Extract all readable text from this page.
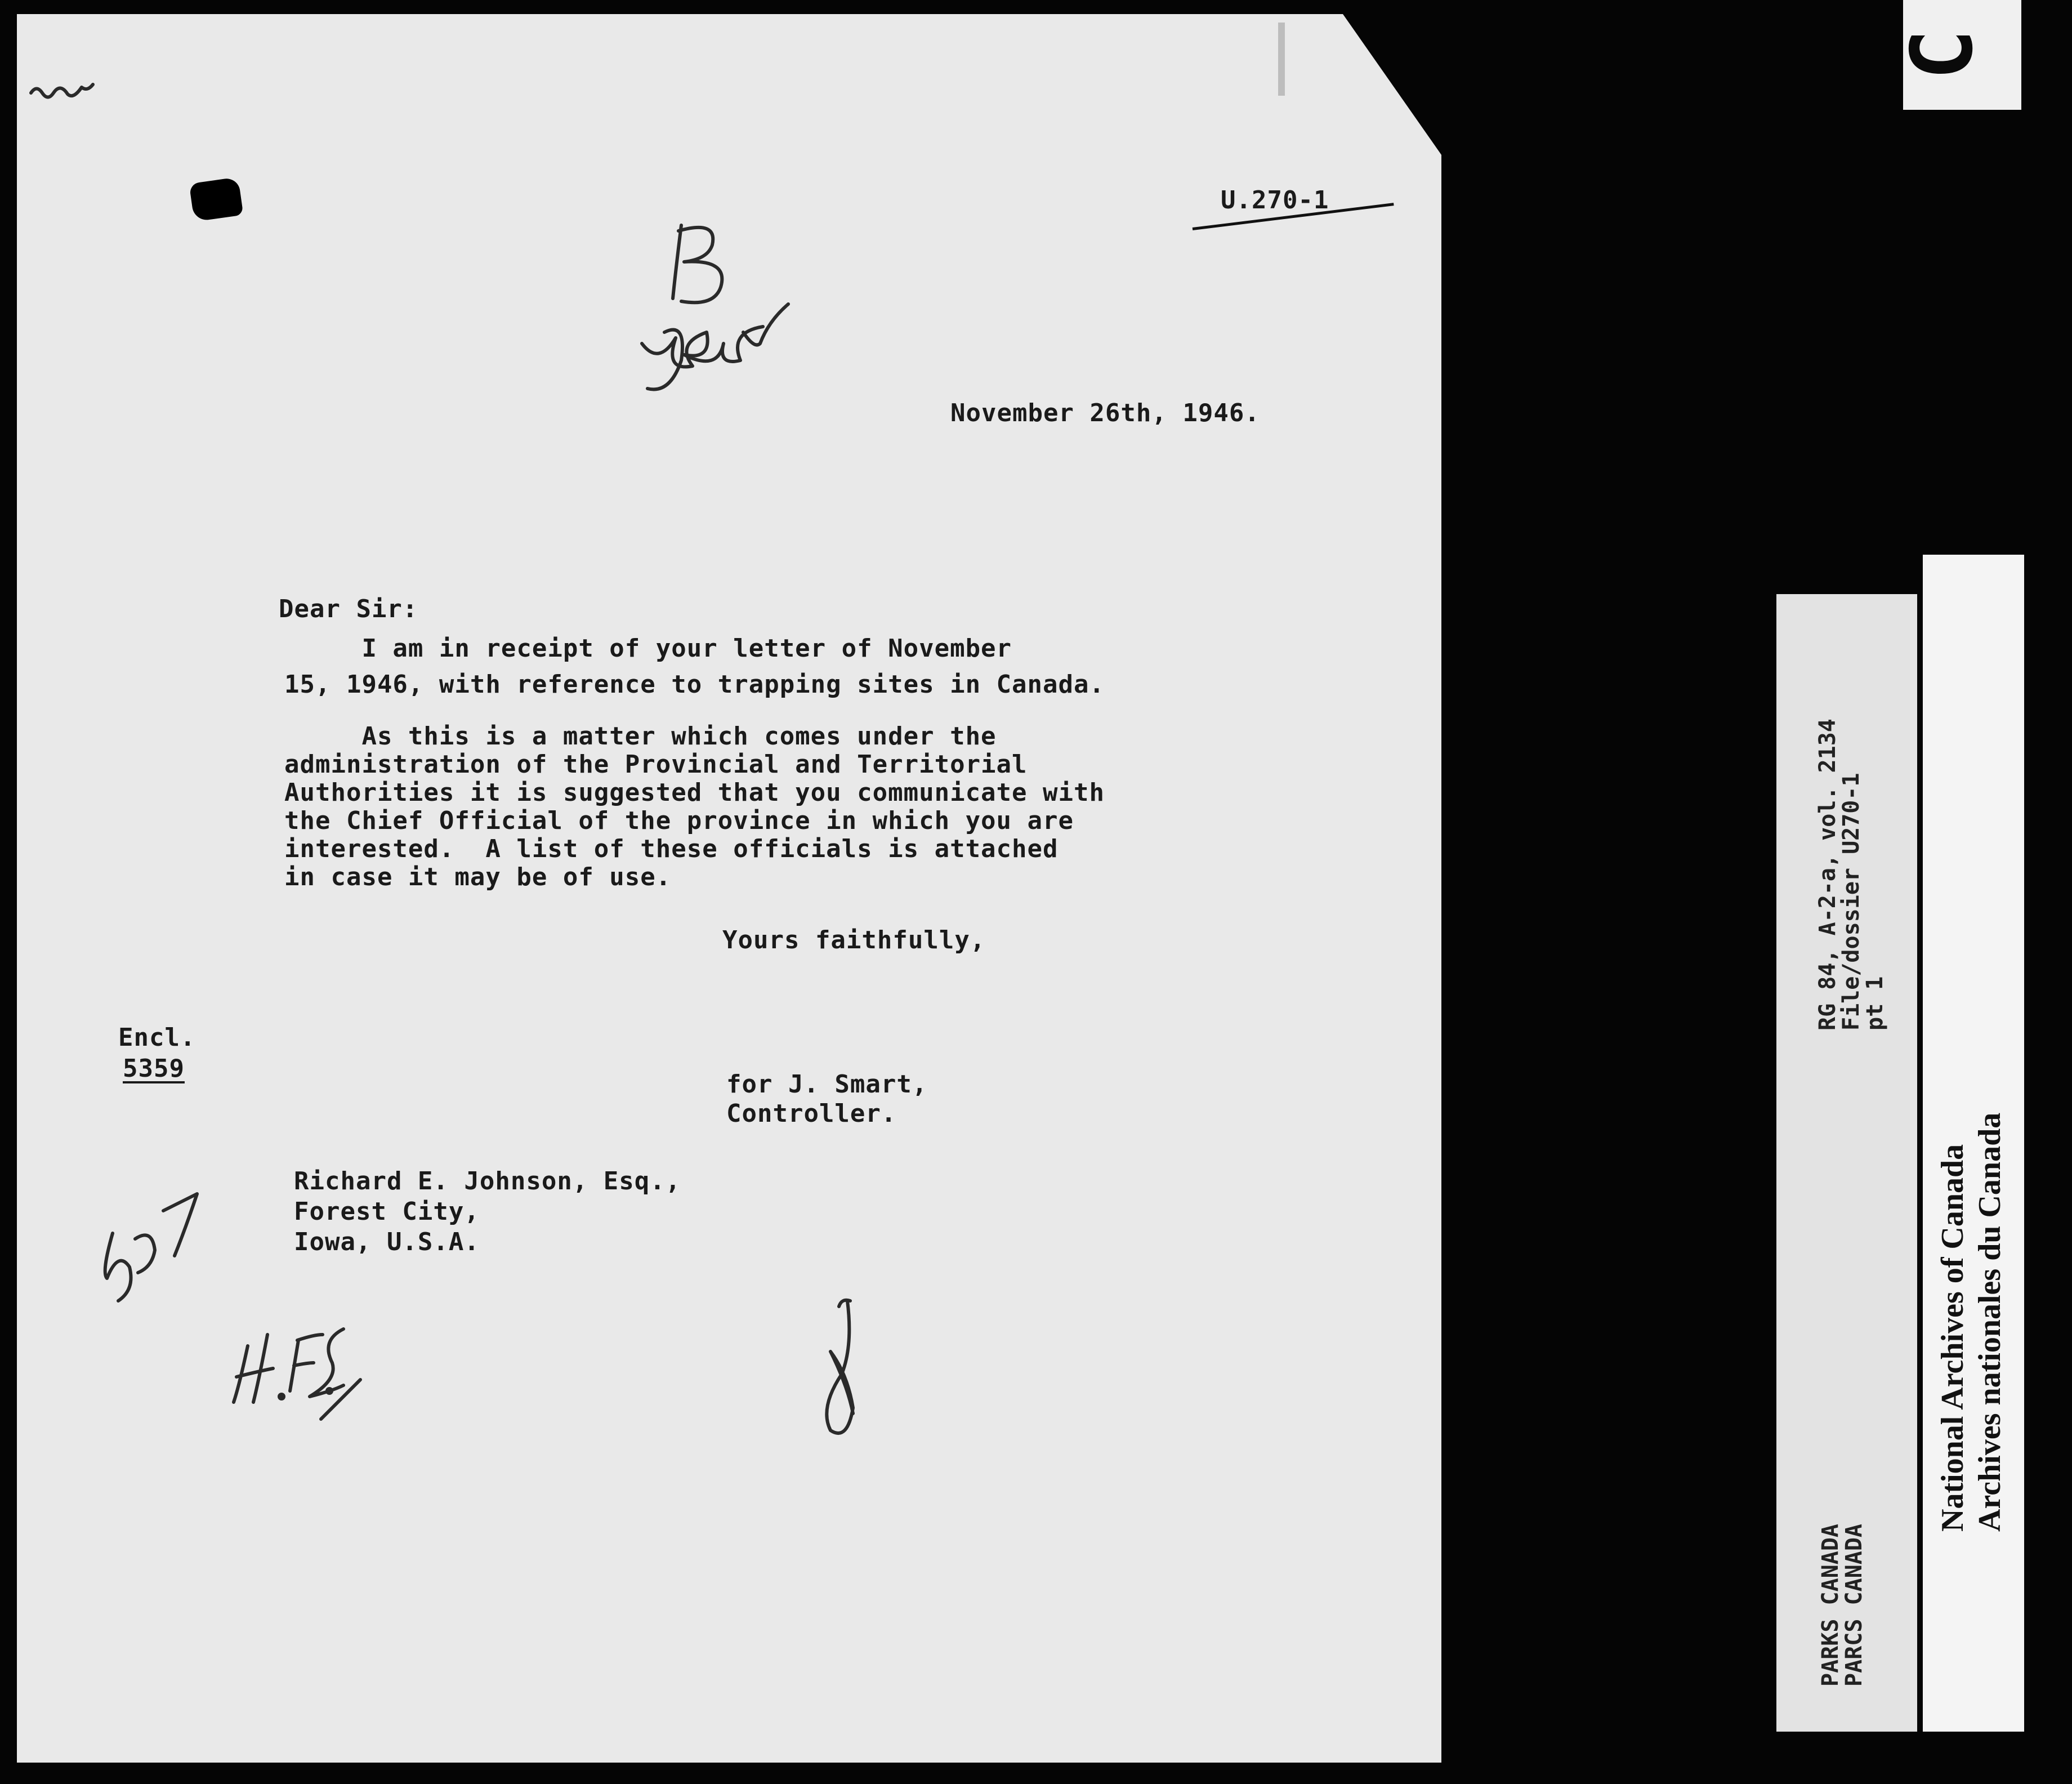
U.270-1
November 26th, 1946.
Dear Sir:
I am in receipt of your letter of November
15, 1946, with reference to trapping sites in Canada.
As this is a matter which comes under the
administration of the Provincial and Territorial
Authorities it is suggested that you communicate with
the Chief Official of the province in which you are
interested.  A list of these officials is attached
in case it may be of use.
Yours faithfully,
Encl.
5359
for J. Smart,
Controller.
Richard E. Johnson, Esq.,
Forest City,
Iowa, U.S.A.
RG 84, A-2-a, vol. 2134
File/dossier U270-1
pt 1
PARKS CANADA
PARCS CANADA
National Archives of Canada Archives nationales du Canada
C
